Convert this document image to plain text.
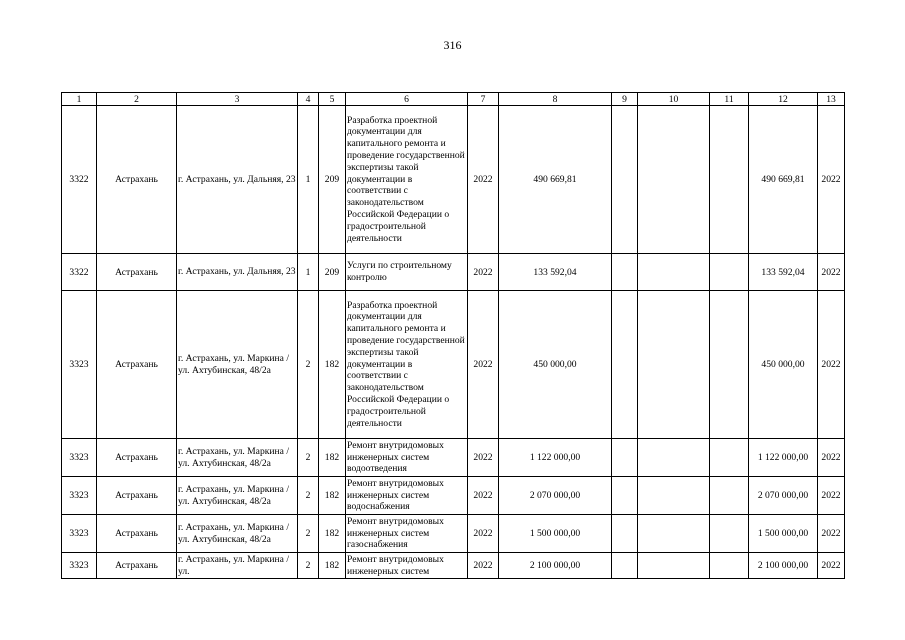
316
1	2	3	4	5	6	7	8	9	10	11	12	13
3322	Астрахань	г. Астрахань, ул. Дальняя, 23	1	209	Разработка проектной документации для капитального ремонта и проведение государственной экспертизы такой документации в соответствии с законодательством Российской Федерации о градостроительной деятельности	2022	490 669,81				490 669,81	2022
3322	Астрахань	г. Астрахань, ул. Дальняя, 23	1	209	Услуги по строительному контролю	2022	133 592,04				133 592,04	2022
3323	Астрахань	г. Астрахань, ул. Маркина / ул. Ахтубинская, 48/2а	2	182	Разработка проектной документации для капитального ремонта и проведение государственной экспертизы такой документации в соответствии с законодательством Российской Федерации о градостроительной деятельности	2022	450 000,00				450 000,00	2022
3323	Астрахань	г. Астрахань, ул. Маркина / ул. Ахтубинская, 48/2а	2	182	Ремонт внутридомовых инженерных систем водоотведения	2022	1 122 000,00				1 122 000,00	2022
3323	Астрахань	г. Астрахань, ул. Маркина / ул. Ахтубинская, 48/2а	2	182	Ремонт внутридомовых инженерных систем водоснабжения	2022	2 070 000,00				2 070 000,00	2022
3323	Астрахань	г. Астрахань, ул. Маркина / ул. Ахтубинская, 48/2а	2	182	Ремонт внутридомовых инженерных систем газоснабжения	2022	1 500 000,00				1 500 000,00	2022
3323	Астрахань	г. Астрахань, ул. Маркина / ул.	2	182	Ремонт внутридомовых инженерных систем	2022	2 100 000,00				2 100 000,00	2022
